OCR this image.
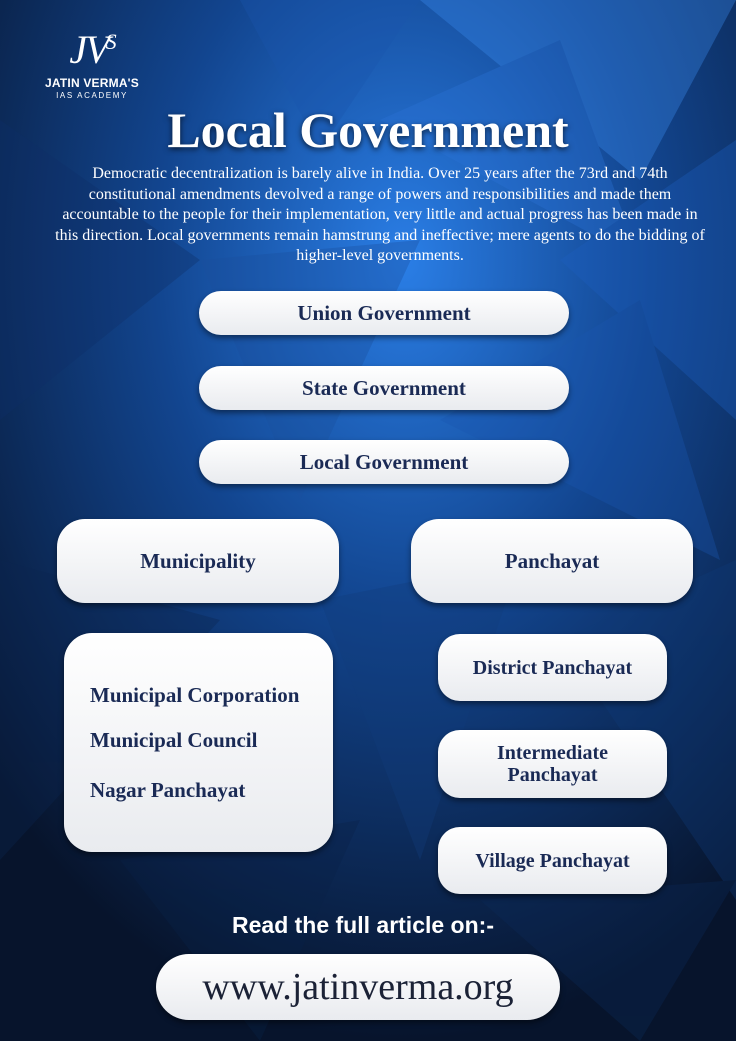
$JV^S$
JATIN VERMA'S
IAS ACADEMY
Local Government
Democratic decentralization is barely alive in India. Over 25 years after the 73rd and 74th constitutional amendments devolved a range of powers and responsibilities and made them accountable to the people for their implementation, very little and actual progress has been made in this direction. Local governments remain hamstrung and ineffective; mere agents to do the bidding of higher-level governments.
Union Government
State Government
Local Government
Municipality	Panchayat
Municipal Corporation
Municipal Council
Nagar Panchayat
District Panchayat
Intermediate Panchayat
Village Panchayat
Read the full article on:-
www.jatinverma.org
